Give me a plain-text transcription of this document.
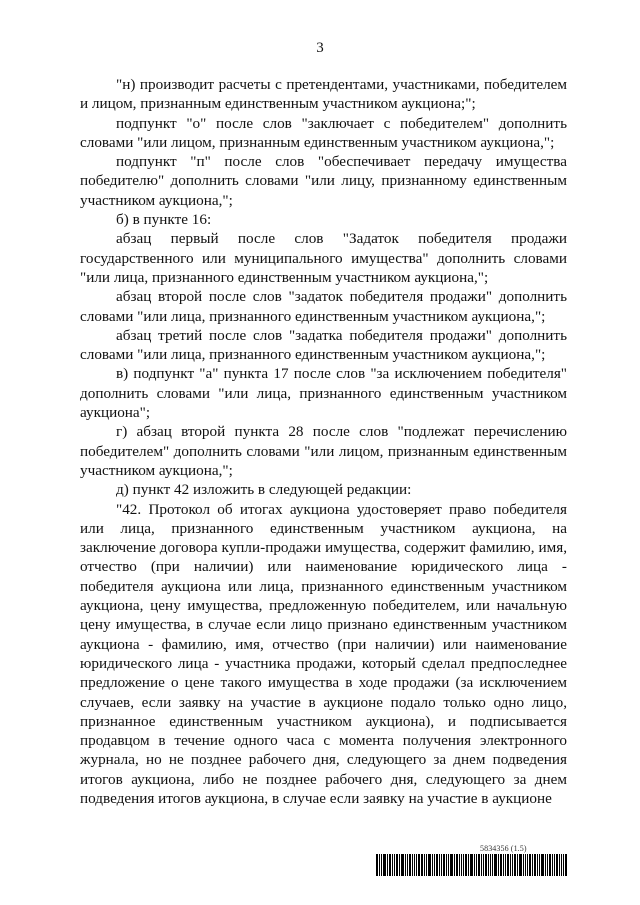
3

"н) производит расчеты с претендентами, участниками, победителем и лицом, признанным единственным участником аукциона;";

подпункт "о" после слов "заключает с победителем" дополнить словами "или лицом, признанным единственным участником аукциона,";

подпункт "п" после слов "обеспечивает передачу имущества победителю" дополнить словами "или лицу, признанному единственным участником аукциона,";

б) в пункте 16:

абзац первый после слов "Задаток победителя продажи государственного или муниципального имущества" дополнить словами "или лица, признанного единственным участником аукциона,";

абзац второй после слов "задаток победителя продажи" дополнить словами "или лица, признанного единственным участником аукциона,";

абзац третий после слов "задатка победителя продажи" дополнить словами "или лица, признанного единственным участником аукциона,";

в) подпункт "а" пункта 17 после слов "за исключением победителя" дополнить словами "или лица, признанного единственным участником аукциона";

г) абзац второй пункта 28 после слов "подлежат перечислению победителем" дополнить словами "или лицом, признанным единственным участником аукциона,";

д) пункт 42 изложить в следующей редакции:

"42. Протокол об итогах аукциона удостоверяет право победителя или лица, признанного единственным участником аукциона, на заключение договора купли-продажи имущества, содержит фамилию, имя, отчество (при наличии) или наименование юридического лица - победителя аукциона или лица, признанного единственным участником аукциона, цену имущества, предложенную победителем, или начальную цену имущества, в случае если лицо признано единственным участником аукциона - фамилию, имя, отчество (при наличии) или наименование юридического лица - участника продажи, который сделал предпоследнее предложение о цене такого имущества в ходе продажи (за исключением случаев, если заявку на участие в аукционе подало только одно лицо, признанное единственным участником аукциона), и подписывается продавцом в течение одного часа с момента получения электронного журнала, но не позднее рабочего дня, следующего за днем подведения итогов аукциона, либо не позднее рабочего дня, следующего за днем подведения итогов аукциона, в случае если заявку на участие в аукционе

5834356 (1.5)
